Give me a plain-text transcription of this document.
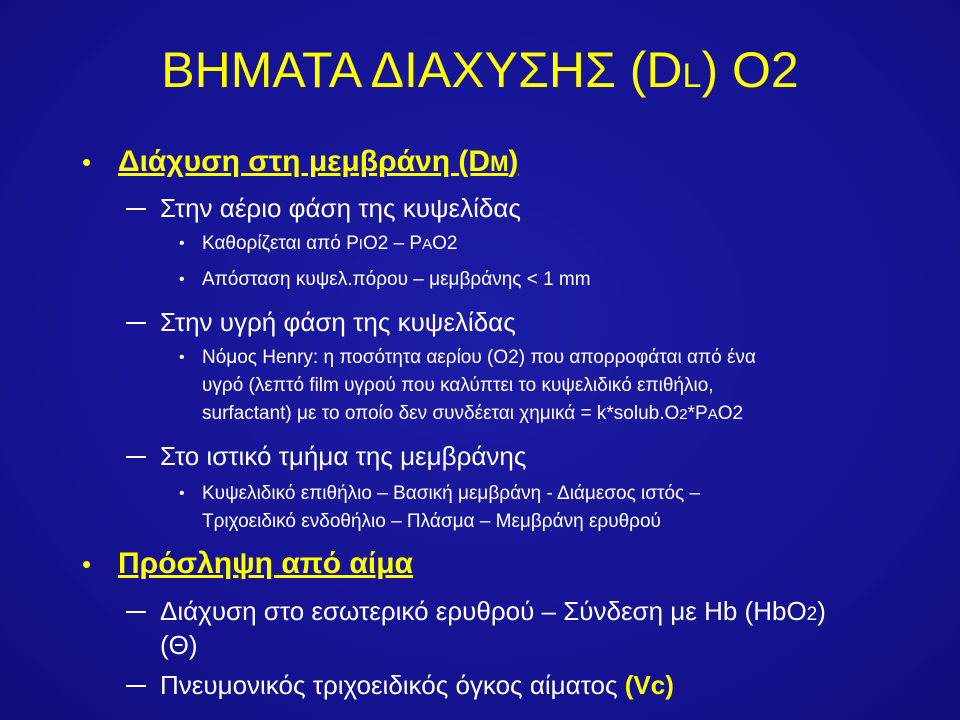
ΒΗΜΑΤΑ ΔΙΑΧΥΣΗΣ (DL) O2
• Διάχυση στη μεμβράνη (DM)
Στην αέριο φάση της κυψελίδας
• Καθορίζεται από PIO2 – PAO2
• Απόσταση κυψελ.πόρου – μεμβράνης < 1 mm
Στην υγρή φάση της κυψελίδας
• Νόμος Henry: η ποσότητα αερίου (O2) που απορροφάται από ένα
υγρό (λεπτό film υγρού που καλύπτει το κυψελιδικό επιθήλιο,
surfactant) με το οποίο δεν συνδέεται χημικά = k*solub.O2*PAO2
Στο ιστικό τμήμα της μεμβράνης
• Κυψελιδικό επιθήλιο – Βασική μεμβράνη - Διάμεσος ιστός –
Τριχοειδικό ενδοθήλιο – Πλάσμα – Μεμβράνη ερυθρού
• Πρόσληψη από αίμα
Διάχυση στο εσωτερικό ερυθρού – Σύνδεση με Hb (HbO2)
(Θ)
Πνευμονικός τριχοειδικός όγκος αίματος (Vc)
